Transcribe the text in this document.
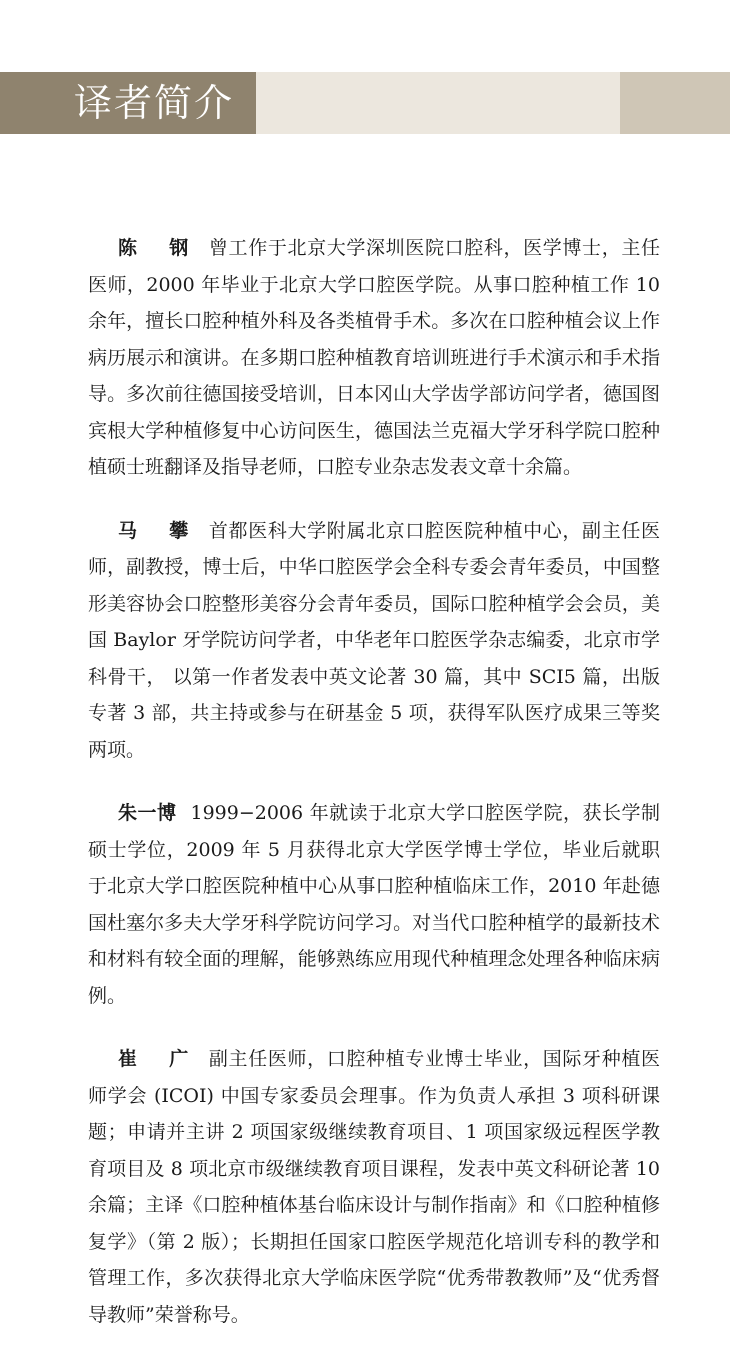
译者简介

陈　钢 曾工作于北京大学深圳医院口腔科，医学博士，主任医师，2000 年毕业于北京大学口腔医学院。从事口腔种植工作 10 余年，擅长口腔种植外科及各类植骨手术。多次在口腔种植会议上作病历展示和演讲。在多期口腔种植教育培训班进行手术演示和手术指导。多次前往德国接受培训，日本冈山大学齿学部访问学者，德国图宾根大学种植修复中心访问医生，德国法兰克福大学牙科学院口腔种植硕士班翻译及指导老师，口腔专业杂志发表文章十余篇。

马　攀 首都医科大学附属北京口腔医院种植中心，副主任医师，副教授，博士后，中华口腔医学会全科专委会青年委员，中国整形美容协会口腔整形美容分会青年委员，国际口腔种植学会会员，美国 Baylor 牙学院访问学者，中华老年口腔医学杂志编委，北京市学科骨干， 以第一作者发表中英文论著 30 篇，其中 SCI5 篇，出版专著 3 部，共主持或参与在研基金 5 项，获得军队医疗成果三等奖两项。

朱一博 1999−2006 年就读于北京大学口腔医学院，获长学制硕士学位，2009 年 5 月获得北京大学医学博士学位，毕业后就职于北京大学口腔医院种植中心从事口腔种植临床工作，2010 年赴德国杜塞尔多夫大学牙科学院访问学习。对当代口腔种植学的最新技术和材料有较全面的理解，能够熟练应用现代种植理念处理各种临床病例。

崔　广 副主任医师，口腔种植专业博士毕业，国际牙种植医师学会 (ICOI) 中国专家委员会理事。作为负责人承担 3 项科研课题；申请并主讲 2 项国家级继续教育项目、1 项国家级远程医学教育项目及 8 项北京市级继续教育项目课程，发表中英文科研论著 10 余篇；主译《口腔种植体基台临床设计与制作指南》和《口腔种植修复学》（第 2 版）；长期担任国家口腔医学规范化培训专科的教学和管理工作，多次获得北京大学临床医学院“优秀带教教师”及“优秀督导教师”荣誉称号。
